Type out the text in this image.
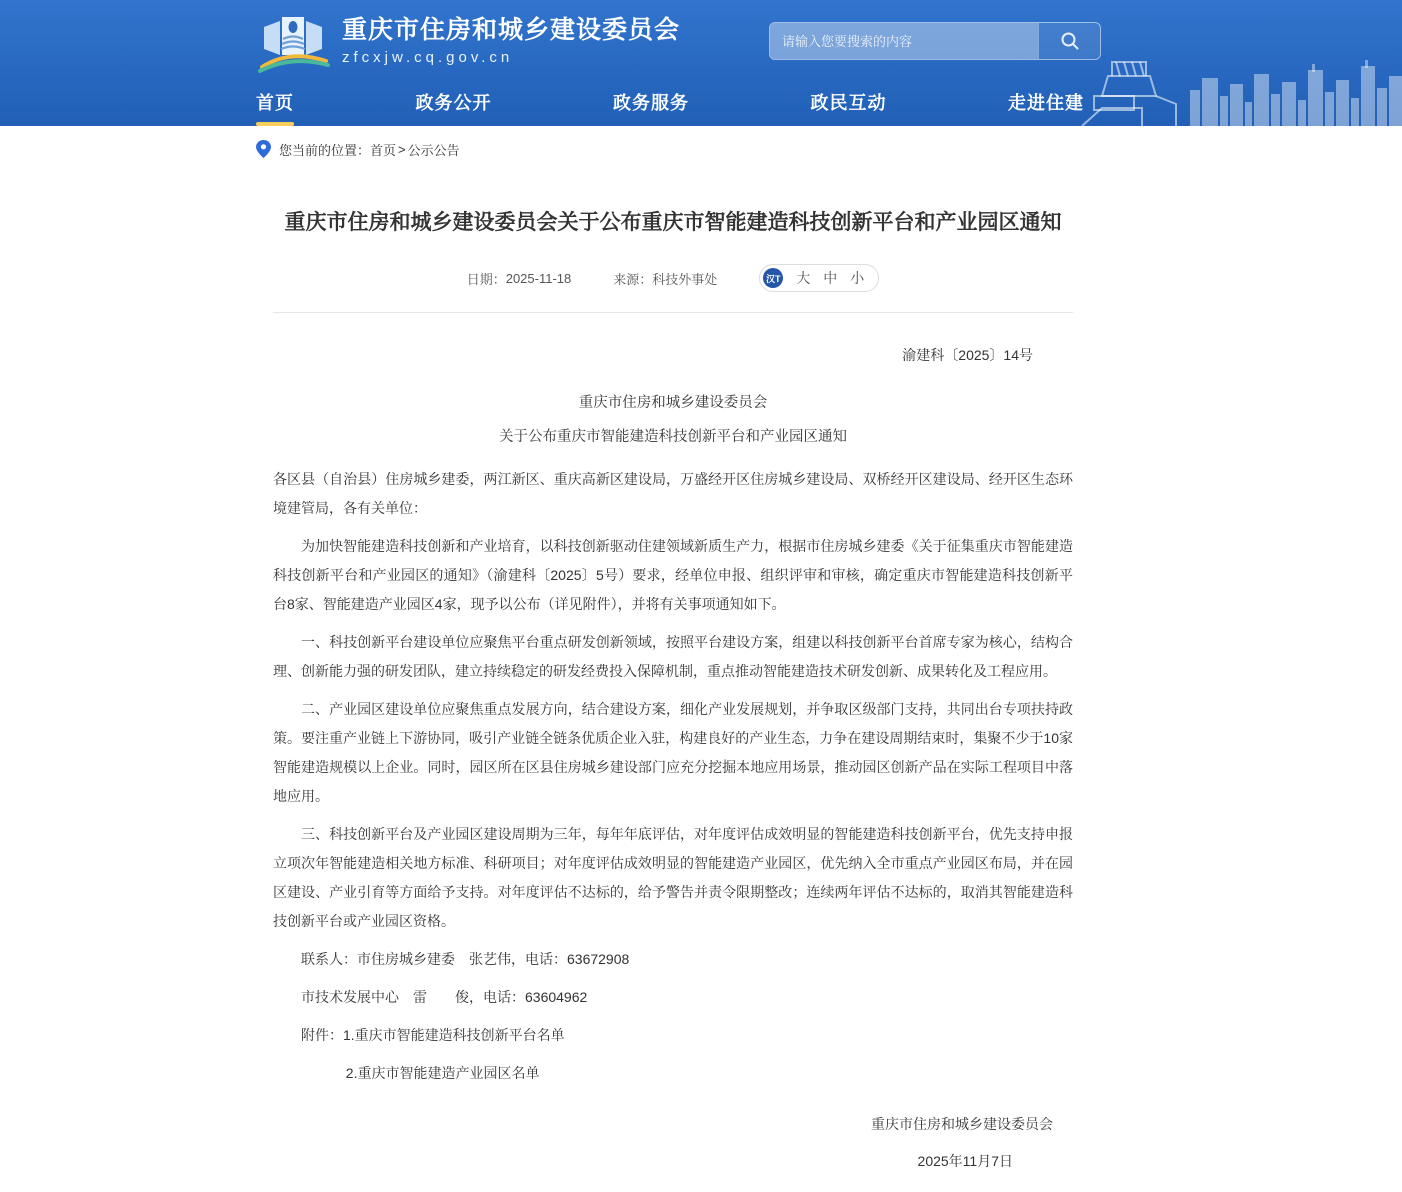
重庆市住房和城乡建设委员会
zfcxjw.cq.gov.cn
请输入您要搜索的内容
首页	政务公开	政务服务	政民互动	走进住建
您当前的位置： 首页 > 公示公告
重庆市住房和城乡建设委员会关于公布重庆市智能建造科技创新平台和产业园区通知
日期： 2025-11-18	来源： 科技外事处	汉T 大 中 小
渝建科〔2025〕14号
重庆市住房和城乡建设委员会
关于公布重庆市智能建造科技创新平台和产业园区通知

各区县（自治县）住房城乡建委，两江新区、重庆高新区建设局，万盛经开区住房城乡建设局、双桥经开区建设局、经开区生态环境建管局，各有关单位：

为加快智能建造科技创新和产业培育，以科技创新驱动住建领域新质生产力，根据市住房城乡建委《关于征集重庆市智能建造科技创新平台和产业园区的通知》（渝建科〔2025〕5号）要求，经单位申报、组织评审和审核，确定重庆市智能建造科技创新平台8家、智能建造产业园区4家，现予以公布（详见附件），并将有关事项通知如下。

一、科技创新平台建设单位应聚焦平台重点研发创新领域，按照平台建设方案，组建以科技创新平台首席专家为核心，结构合理、创新能力强的研发团队，建立持续稳定的研发经费投入保障机制，重点推动智能建造技术研发创新、成果转化及工程应用。

二、产业园区建设单位应聚焦重点发展方向，结合建设方案，细化产业发展规划，并争取区级部门支持，共同出台专项扶持政策。要注重产业链上下游协同，吸引产业链全链条优质企业入驻，构建良好的产业生态，力争在建设周期结束时，集聚不少于10家智能建造规模以上企业。同时，园区所在区县住房城乡建设部门应充分挖掘本地应用场景，推动园区创新产品在实际工程项目中落地应用。

三、科技创新平台及产业园区建设周期为三年，每年年底评估，对年度评估成效明显的智能建造科技创新平台，优先支持申报立项次年智能建造相关地方标准、科研项目；对年度评估成效明显的智能建造产业园区，优先纳入全市重点产业园区布局，并在园区建设、产业引育等方面给予支持。对年度评估不达标的，给予警告并责令限期整改；连续两年评估不达标的，取消其智能建造科技创新平台或产业园区资格。

联系人：市住房城乡建委　张艺伟，电话：63672908

市技术发展中心　雷　　俊，电话：63604962

附件：1.重庆市智能建造科技创新平台名单

2.重庆市智能建造产业园区名单

重庆市住房和城乡建设委员会
2025年11月7日
